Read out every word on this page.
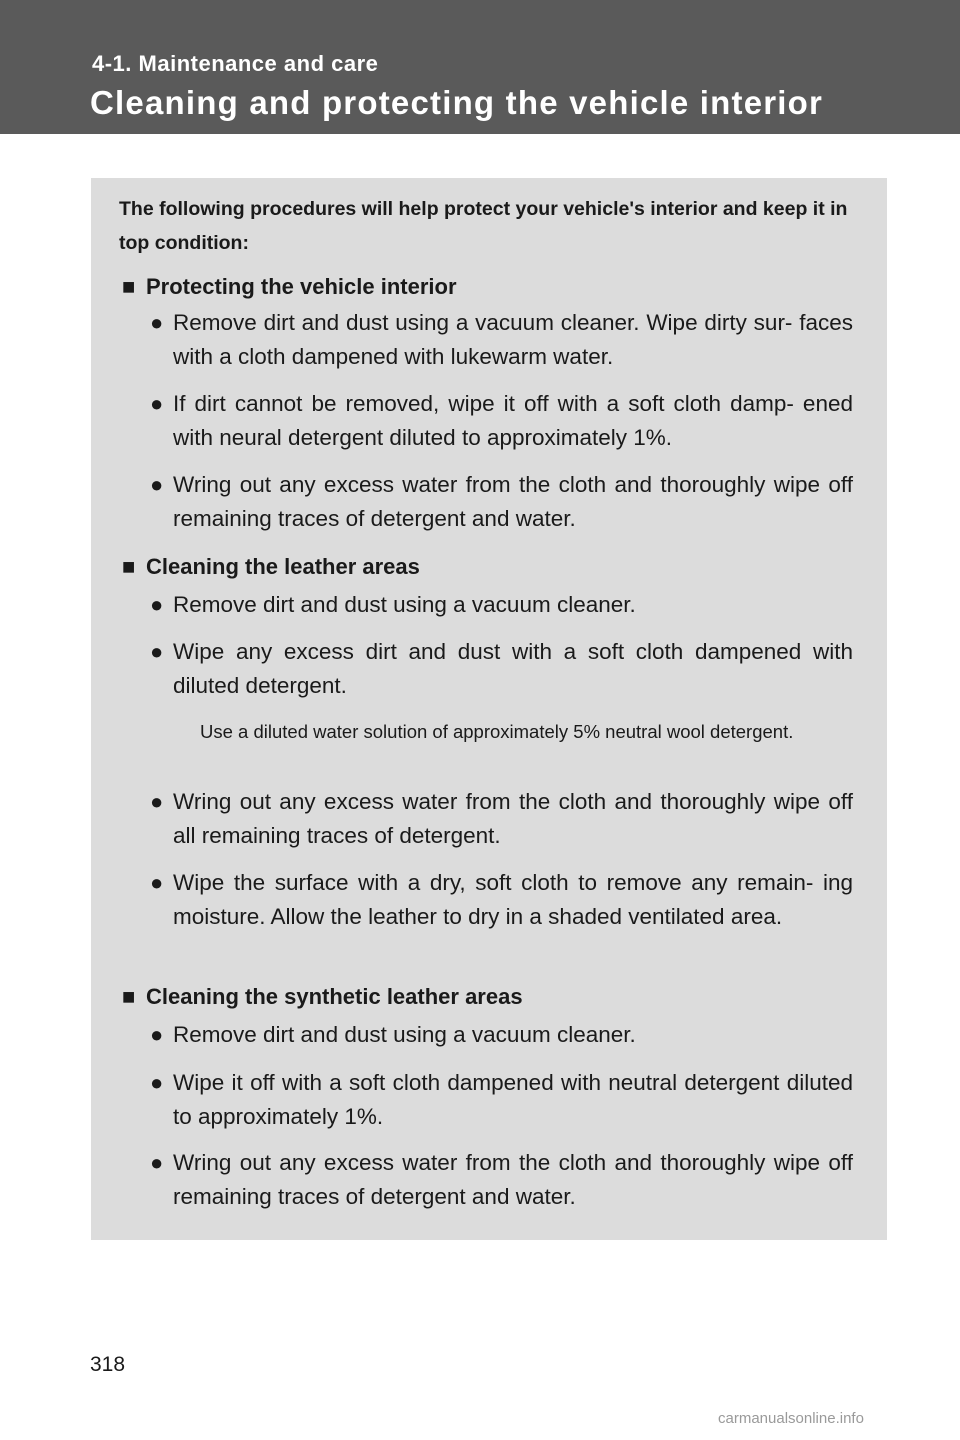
4-1. Maintenance and care
Cleaning and protecting the vehicle interior
The following procedures will help protect your vehicle's interior and keep it in top condition:
■ Protecting the vehicle interior
● Remove dirt and dust using a vacuum cleaner. Wipe dirty sur- faces with a cloth dampened with lukewarm water.
● If dirt cannot be removed, wipe it off with a soft cloth damp- ened with neural detergent diluted to approximately 1%.
● Wring out any excess water from the cloth and thoroughly wipe off remaining traces of detergent and water.
■ Cleaning the leather areas
● Remove dirt and dust using a vacuum cleaner.
● Wipe any excess dirt and dust with a soft cloth dampened with diluted detergent.
Use a diluted water solution of approximately 5% neutral wool detergent.
● Wring out any excess water from the cloth and thoroughly wipe off all remaining traces of detergent.
● Wipe the surface with a dry, soft cloth to remove any remain- ing moisture. Allow the leather to dry in a shaded ventilated area.
■ Cleaning the synthetic leather areas
● Remove dirt and dust using a vacuum cleaner.
● Wipe it off with a soft cloth dampened with neutral detergent diluted to approximately 1%.
● Wring out any excess water from the cloth and thoroughly wipe off remaining traces of detergent and water.
318
carmanualsonline.info
